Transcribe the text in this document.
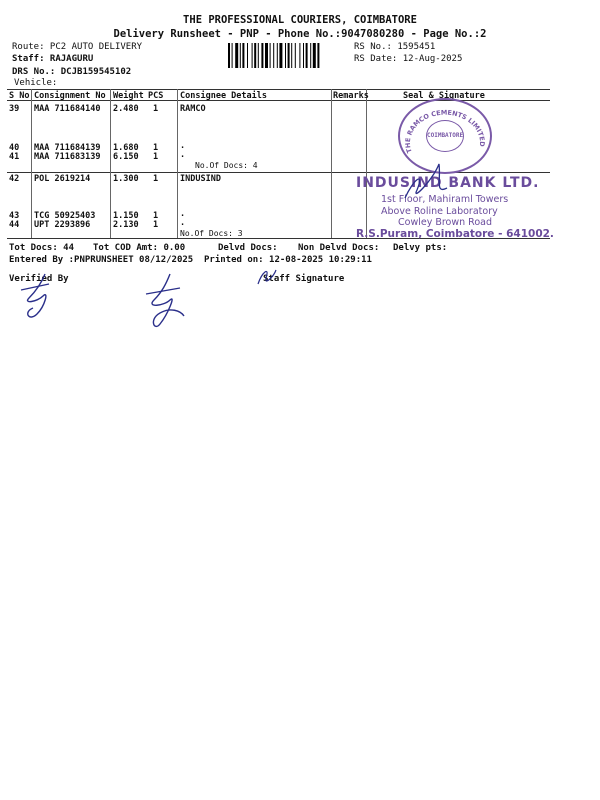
THE PROFESSIONAL COURIERS, COIMBATORE
Delivery Runsheet - PNP - Phone No.:9047080280 - Page No.:2
Route: PC2 AUTO DELIVERY
Staff: RAJAGURU
DRS No.: DCJB159545102
Vehicle:
RS No.: 1595451
RS Date: 12-Aug-2025
S No Consignment No Weight PCS Consignee Details	Remarks	Seal & Signature
39 MAA 711684140 2.480 1	RAMCO
40 MAA 711684139 1.680 1	.
41 MAA 711683139 6.150 1	.
No.Of Docs: 4
42 POL 2619214	1.300 1	INDUSIND
43 TCG 50925403 1.150 1	.
44 UPT 2293896	2.130 1	.
No.Of Docs: 3
THE RAMCO CEMENTS LIMITED
COIMBATORE
INDUSIND BANK LTD.
1st Floor, Mahiraml Towers
Above Roline Laboratory
Cowley Brown Road
R.S.Puram, Coimbatore - 641002.
Tot Docs: 44 Tot COD Amt: 0.00	Delvd Docs: Non Delvd Docs: Delvy pts:
Entered By :PNPRUNSHEET 08/12/2025 Printed on: 12-08-2025 10:29:11
Verified By	Staff Signature
